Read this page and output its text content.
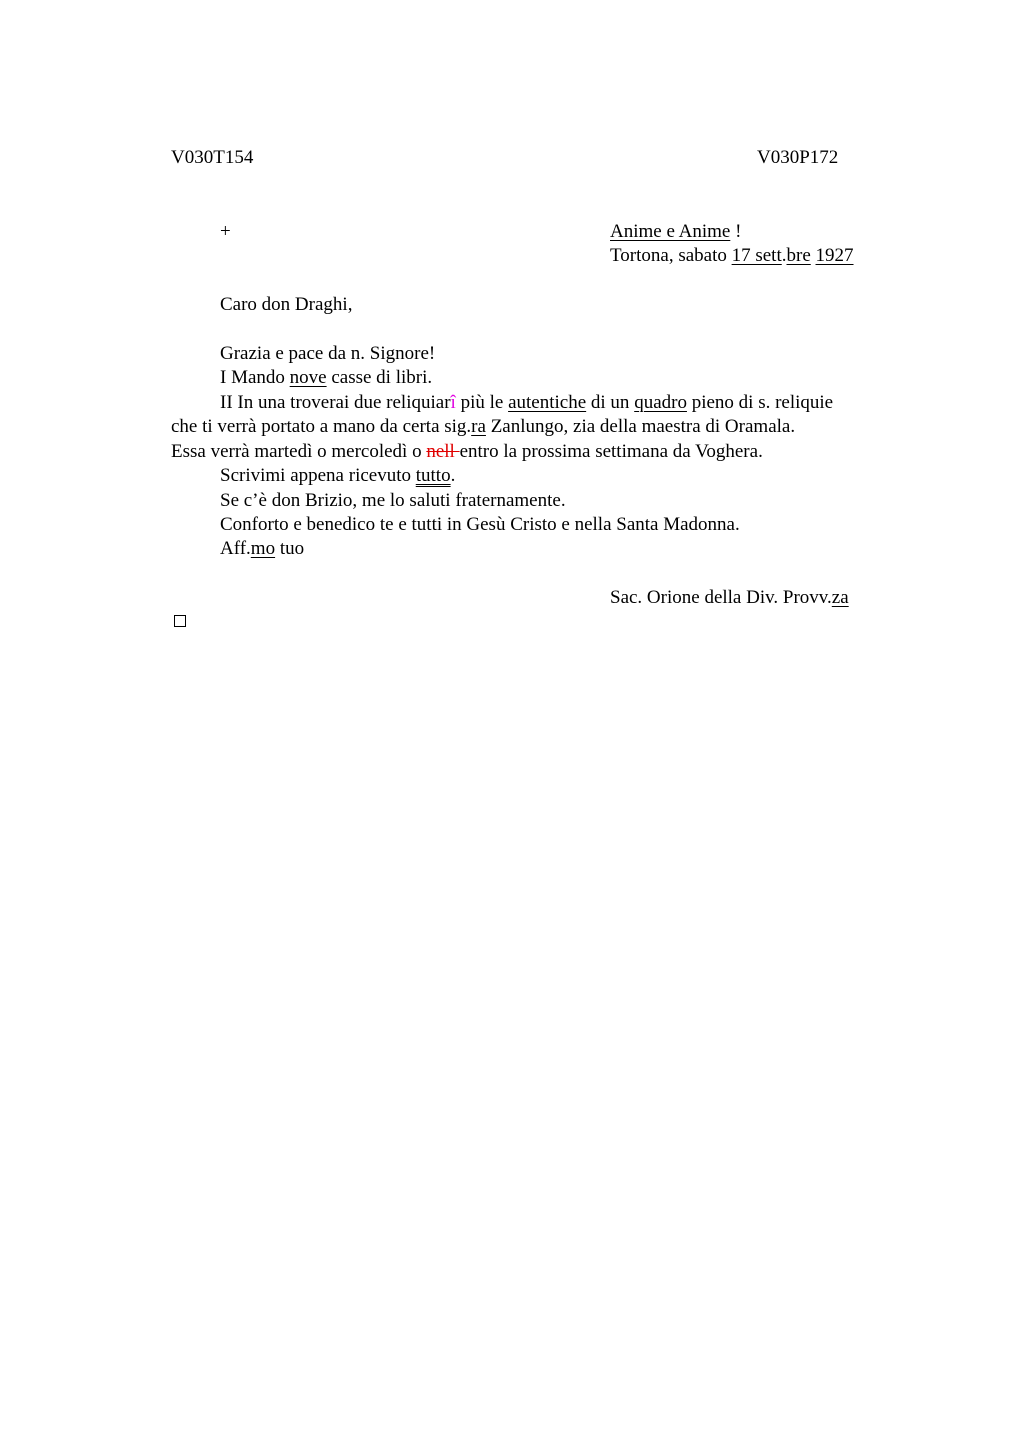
V030T154	V030P172
+	Anime e Anime !
Tortona, sabato 17 sett.bre 1927
Caro don Draghi,
Grazia e pace da n. Signore!
I Mando nove casse di libri.
II In una troverai due reliquiarî più le autentiche di un quadro pieno di s. reliquie
che ti verrà portato a mano da certa sig.ra Zanlungo, zia della maestra di Oramala.
Essa verrà martedì o mercoledì o nell entro la prossima settimana da Voghera.
Scrivimi appena ricevuto tutto.
Se c’è don Brizio, me lo saluti fraternamente.
Conforto e benedico te e tutti in Gesù Cristo e nella Santa Madonna.
Aff.mo tuo
Sac. Orione della Div. Provv.za
